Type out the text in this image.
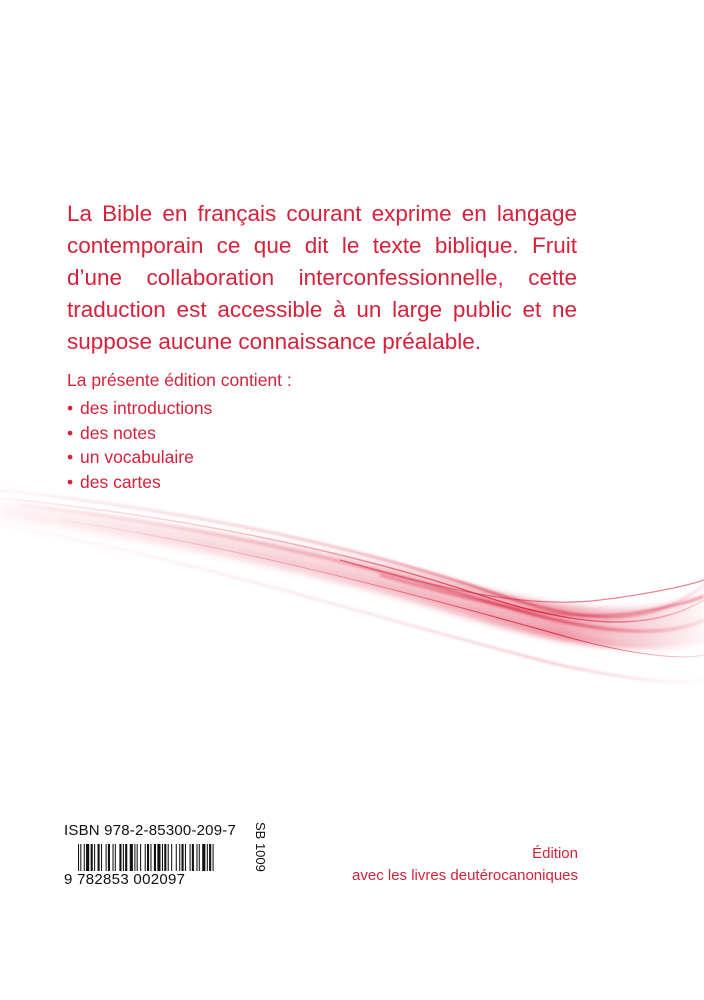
La Bible en français courant exprime en langage contemporain ce que dit le texte biblique. Fruit d’une collaboration interconfessionnelle, cette traduction est accessible à un large public et ne suppose aucune connaissance préalable.

La présente édition contient :

• des introductions
• des notes
• un vocabulaire
• des cartes
ISBN 978-2-85300-209-7
9 782853 002097
SB 1009	Édition
avec les livres deutérocanoniques
